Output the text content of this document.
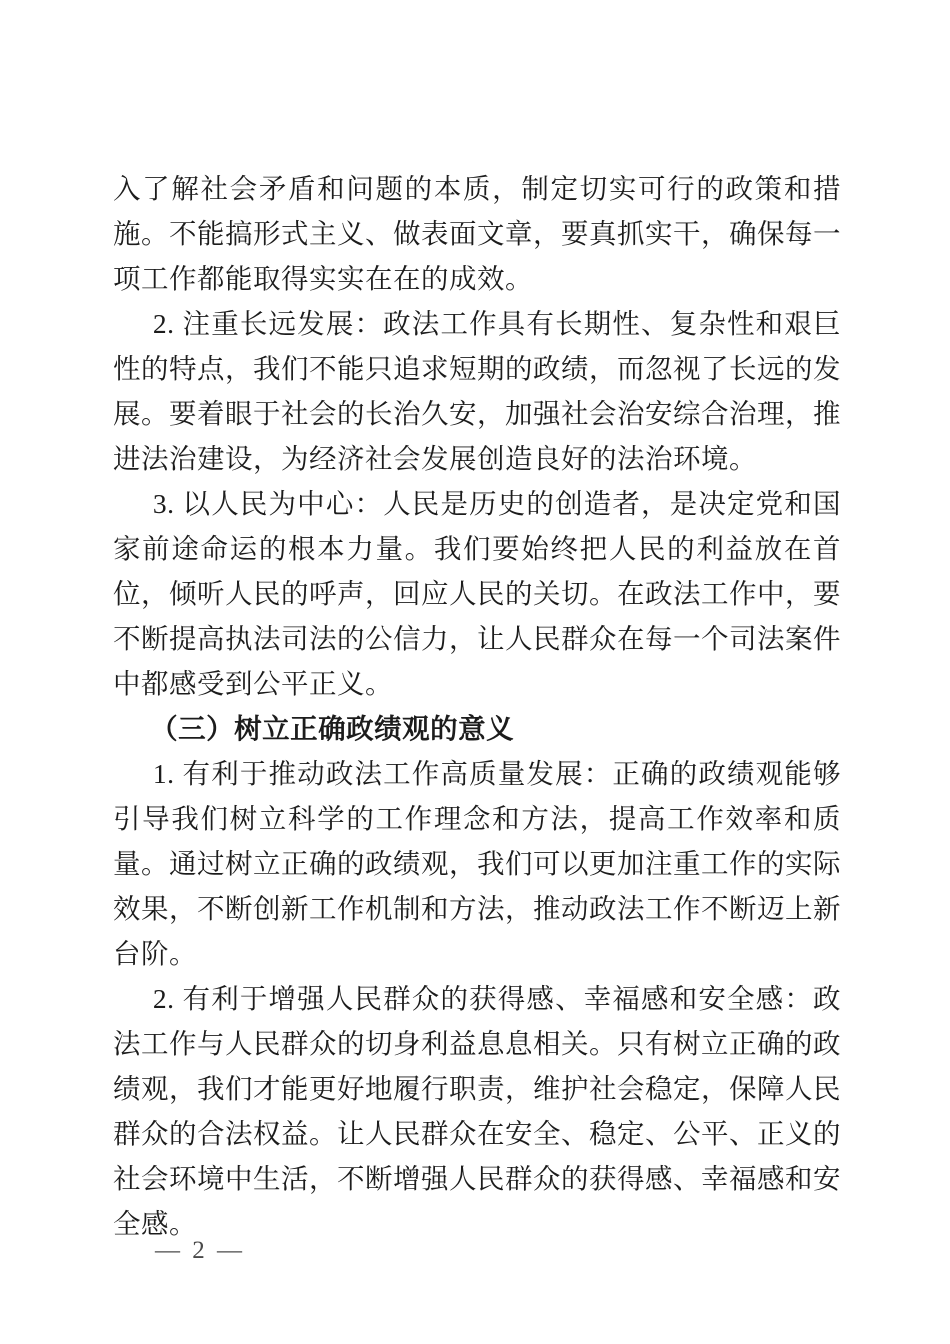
入了解社会矛盾和问题的本质，制定切实可行的政策和措施。不能搞形式主义、做表面文章，要真抓实干，确保每一项工作都能取得实实在在的成效。

2. 注重长远发展：政法工作具有长期性、复杂性和艰巨性的特点，我们不能只追求短期的政绩，而忽视了长远的发展。要着眼于社会的长治久安，加强社会治安综合治理，推进法治建设，为经济社会发展创造良好的法治环境。

3. 以人民为中心：人民是历史的创造者，是决定党和国家前途命运的根本力量。我们要始终把人民的利益放在首位，倾听人民的呼声，回应人民的关切。在政法工作中，要不断提高执法司法的公信力，让人民群众在每一个司法案件中都感受到公平正义。

（三）树立正确政绩观的意义

1. 有利于推动政法工作高质量发展：正确的政绩观能够引导我们树立科学的工作理念和方法，提高工作效率和质量。通过树立正确的政绩观，我们可以更加注重工作的实际效果，不断创新工作机制和方法，推动政法工作不断迈上新台阶。

2. 有利于增强人民群众的获得感、幸福感和安全感：政法工作与人民群众的切身利益息息相关。只有树立正确的政绩观，我们才能更好地履行职责，维护社会稳定，保障人民群众的合法权益。让人民群众在安全、稳定、公平、正义的社会环境中生活，不断增强人民群众的获得感、幸福感和安全感。

— 2 —
